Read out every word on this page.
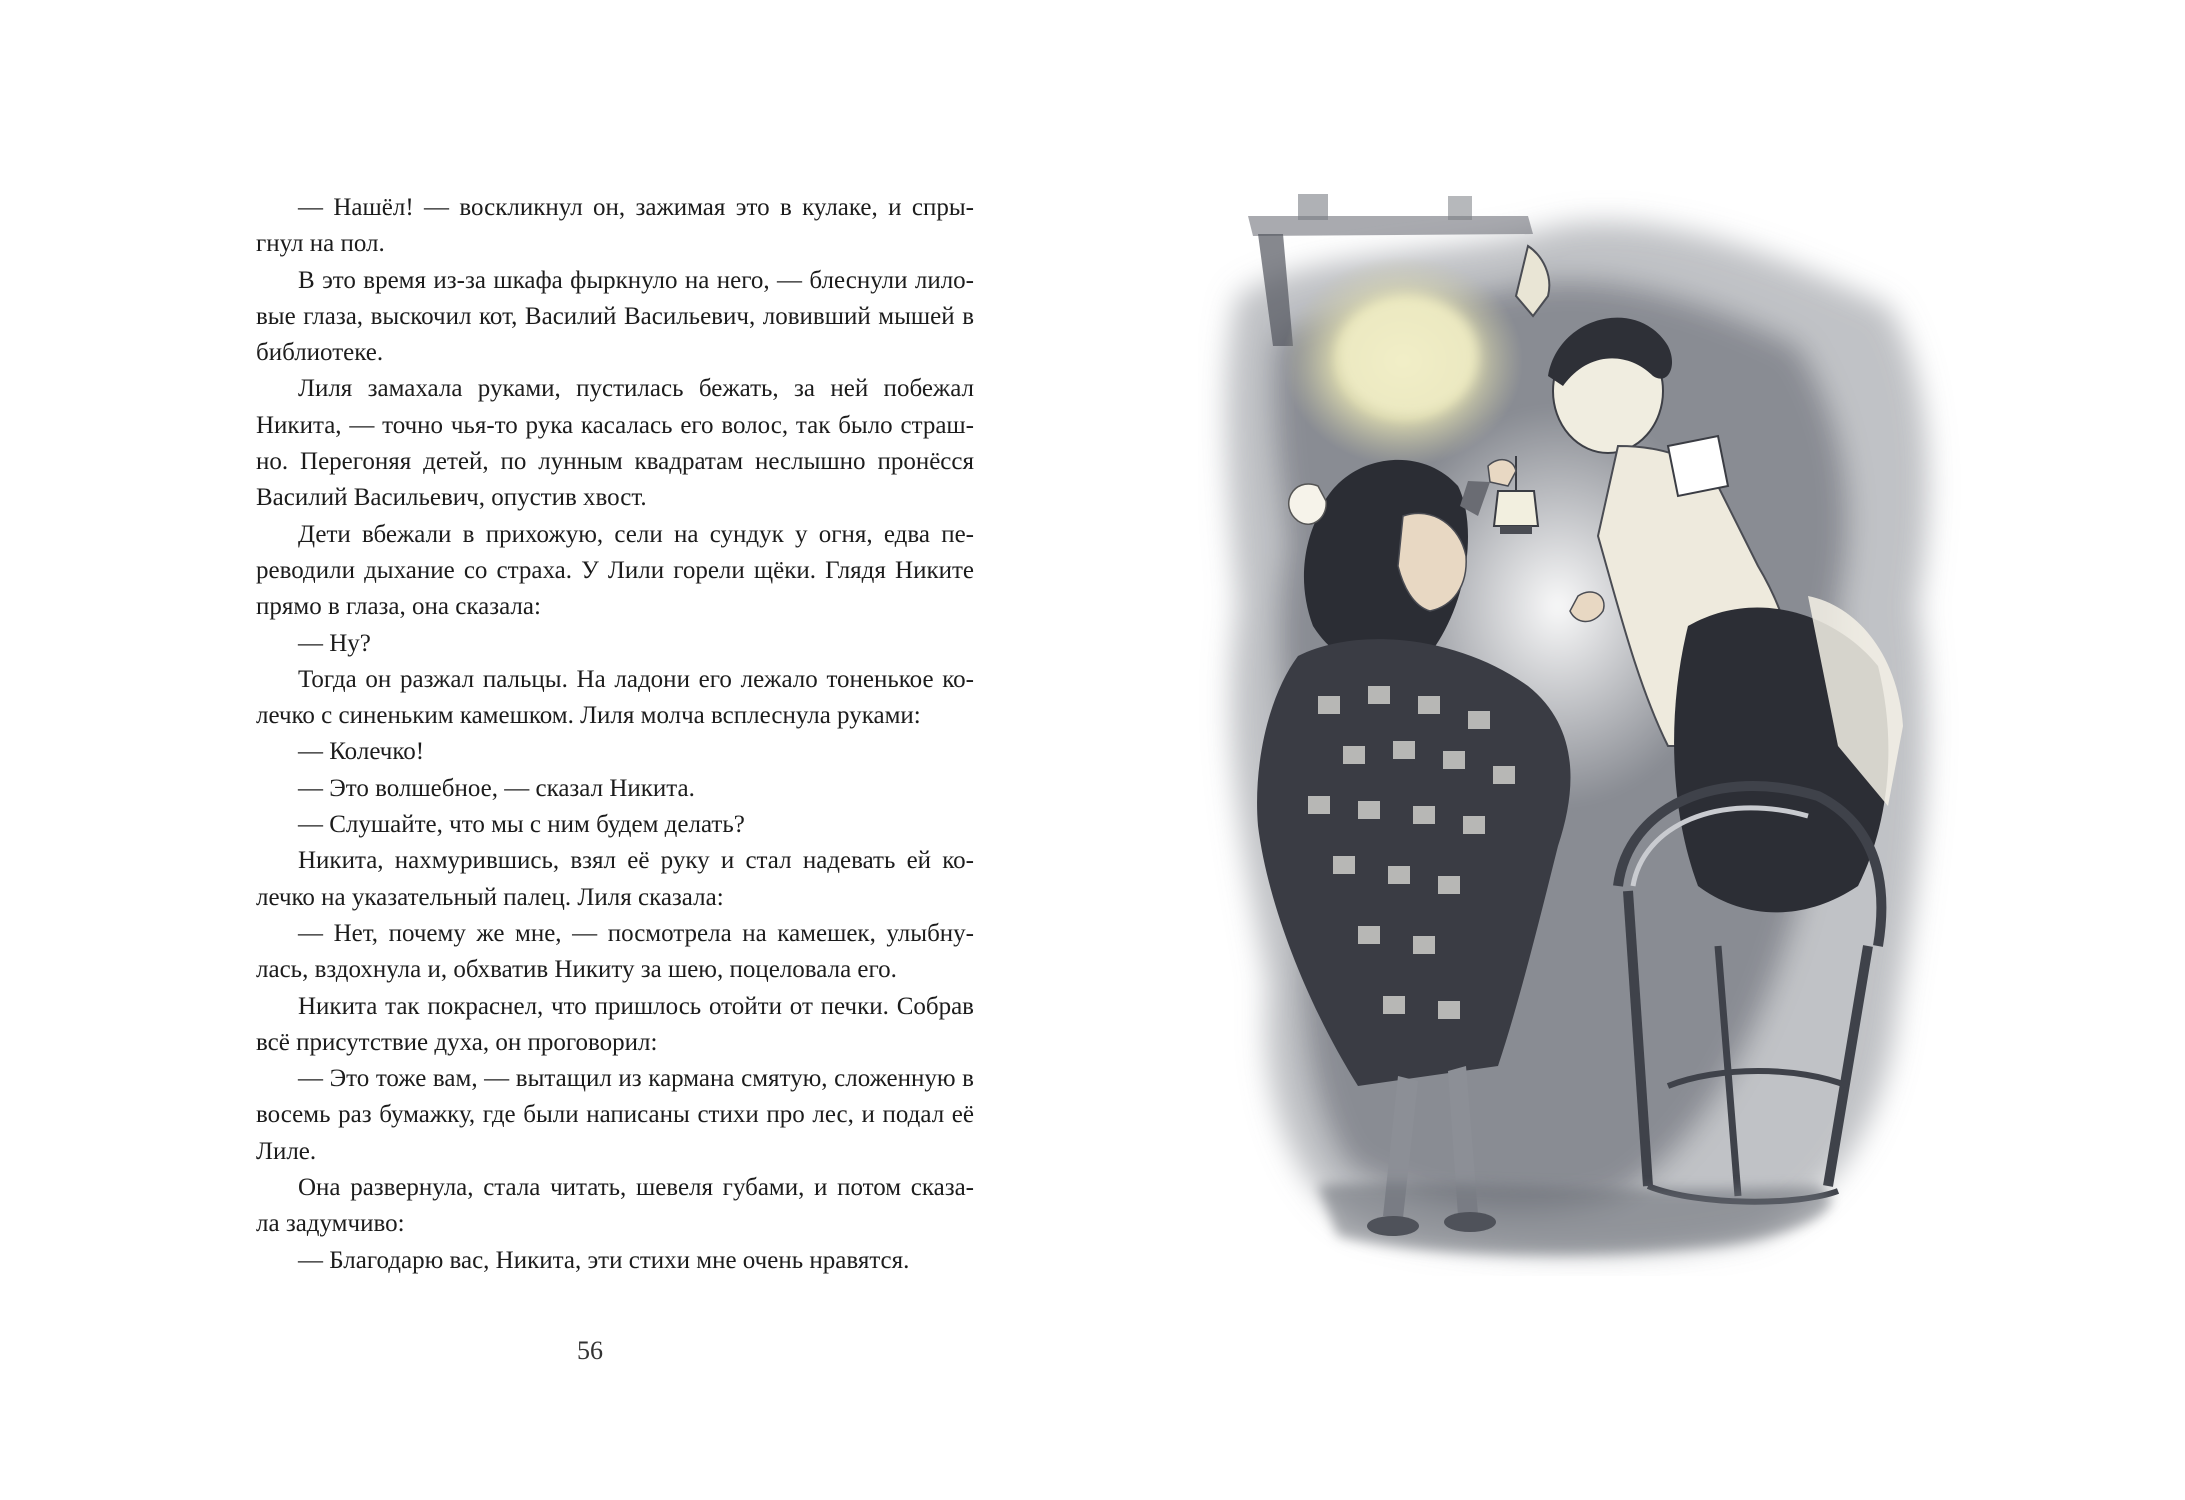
— Нашёл! — воскликнул он, зажимая это в кулаке, и спры- гнул на пол.

В это время из-за шкафа фыркнуло на него, — блеснули лило- вые глаза, выскочил кот, Василий Васильевич, ловивший мышей в библиотеке.

Лиля замахала руками, пустилась бежать, за ней побежал Никита, — точно чья-то рука касалась его волос, так было страш- но. Перегоняя детей, по лунным квадратам неслышно пронёсся Василий Васильевич, опустив хвост.

Дети вбежали в прихожую, сели на сундук у огня, едва пе- реводили дыхание со страха. У Лили горели щёки. Глядя Никите прямо в глаза, она сказала:

— Ну?

Тогда он разжал пальцы. На ладони его лежало тоненькое ко- лечко с синеньким камешком. Лиля молча всплеснула руками:

— Колечко!

— Это волшебное, — сказал Никита.

— Слушайте, что мы с ним будем делать?

Никита, нахмурившись, взял её руку и стал надевать ей ко- лечко на указательный палец. Лиля сказала:

— Нет, почему же мне, — посмотрела на камешек, улыбну- лась, вздохнула и, обхватив Никиту за шею, поцеловала его.

Никита так покраснел, что пришлось отойти от печки. Собрав всё присутствие духа, он проговорил:

— Это тоже вам, — вытащил из кармана смятую, сложенную в восемь раз бумажку, где были написаны стихи про лес, и подал её Лиле.

Она развернула, стала читать, шевеля губами, и потом сказа- ла задумчиво:

— Благодарю вас, Никита, эти стихи мне очень нравятся.

56
